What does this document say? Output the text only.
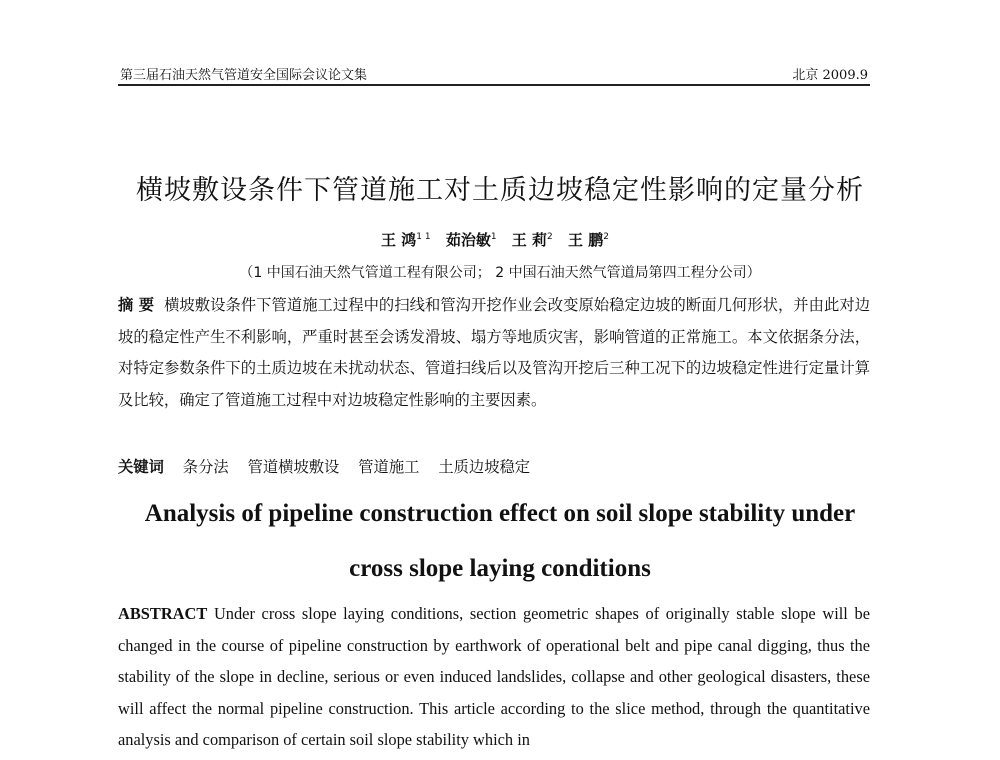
第三届石油天然气管道安全国际会议论文集	北京 2009.9
横坡敷设条件下管道施工对土质边坡稳定性影响的定量分析
王 鸿$^{1 1}$ 茹治敏$^1$ 王 莉$^2$ 王 鹏$^2$
（1 中国石油天然气管道工程有限公司； 2 中国石油天然气管道局第四工程分公司）

摘 要 横坡敷设条件下管道施工过程中的扫线和管沟开挖作业会改变原始稳定边坡的断面几何形状，并由此对边坡的稳定性产生不利影响，严重时甚至会诱发滑坡、塌方等地质灾害，影响管道的正常施工。本文依据条分法，对特定参数条件下的土质边坡在未扰动状态、管道扫线后以及管沟开挖后三种工况下的边坡稳定性进行定量计算及比较，确定了管道施工过程中对边坡稳定性影响的主要因素。

关键词 条分法 管道横坡敷设 管道施工 土质边坡稳定
Analysis of pipeline construction effect on soil slope stability under
cross slope laying conditions

ABSTRACT Under cross slope laying conditions, section geometric shapes of originally stable slope will be changed in the course of pipeline construction by earthwork of operational belt and pipe canal digging, thus the stability of the slope in decline, serious or even induced landslides, collapse and other geological disasters, these will affect the normal pipeline construction. This article according to the slice method, through the quantitative analysis and comparison of certain soil slope stability which in
